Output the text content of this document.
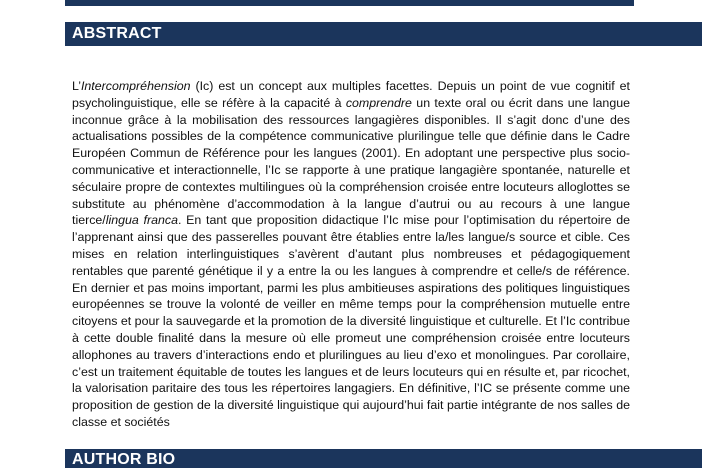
ABSTRACT

L’Intercompréhension (Ic) est un concept aux multiples facettes. Depuis un point de vue cognitif et psycholinguistique, elle se réfère à la capacité à comprendre un texte oral ou écrit dans une langue inconnue grâce à la mobilisation des ressources langagières disponibles. Il s’agit donc d’une des actualisations possibles de la compétence communicative plurilingue telle que définie dans le Cadre Européen Commun de Référence pour les langues (2001). En adoptant une perspective plus socio-communicative et interactionnelle, l’Ic se rapporte à une pratique langagière spontanée, naturelle et séculaire propre de contextes multilingues où la compréhension croisée entre locuteurs alloglottes se substitute au phénomène d’accommodation à la langue d’autrui ou au recours à une langue tierce/lingua franca. En tant que proposition didactique l’Ic mise pour l’optimisation du répertoire de l’apprenant ainsi que des passerelles pouvant être établies entre la/les langue/s source et cible. Ces mises en relation interlinguistiques s’avèrent d’autant plus nombreuses et pédagogiquement rentables que parenté génétique il y a entre la ou les langues à comprendre et celle/s de référence. En dernier et pas moins important, parmi les plus ambitieuses aspirations des politiques linguistiques européennes se trouve la volonté de veiller en même temps pour la compréhension mutuelle entre citoyens et pour la sauvegarde et la promotion de la diversité linguistique et culturelle. Et l’Ic contribue à cette double finalité dans la mesure où elle promeut une compréhension croisée entre locuteurs allophones au travers d’interactions endo et plurilingues au lieu d’exo et monolingues. Par corollaire, c’est un traitement équitable de toutes les langues et de leurs locuteurs qui en résulte et, par ricochet, la valorisation paritaire des tous les répertoires langagiers. En définitive, l’IC se présente comme une proposition de gestion de la diversité linguistique qui aujourd’hui fait partie intégrante de nos salles de classe et sociétés

AUTHOR BIO
